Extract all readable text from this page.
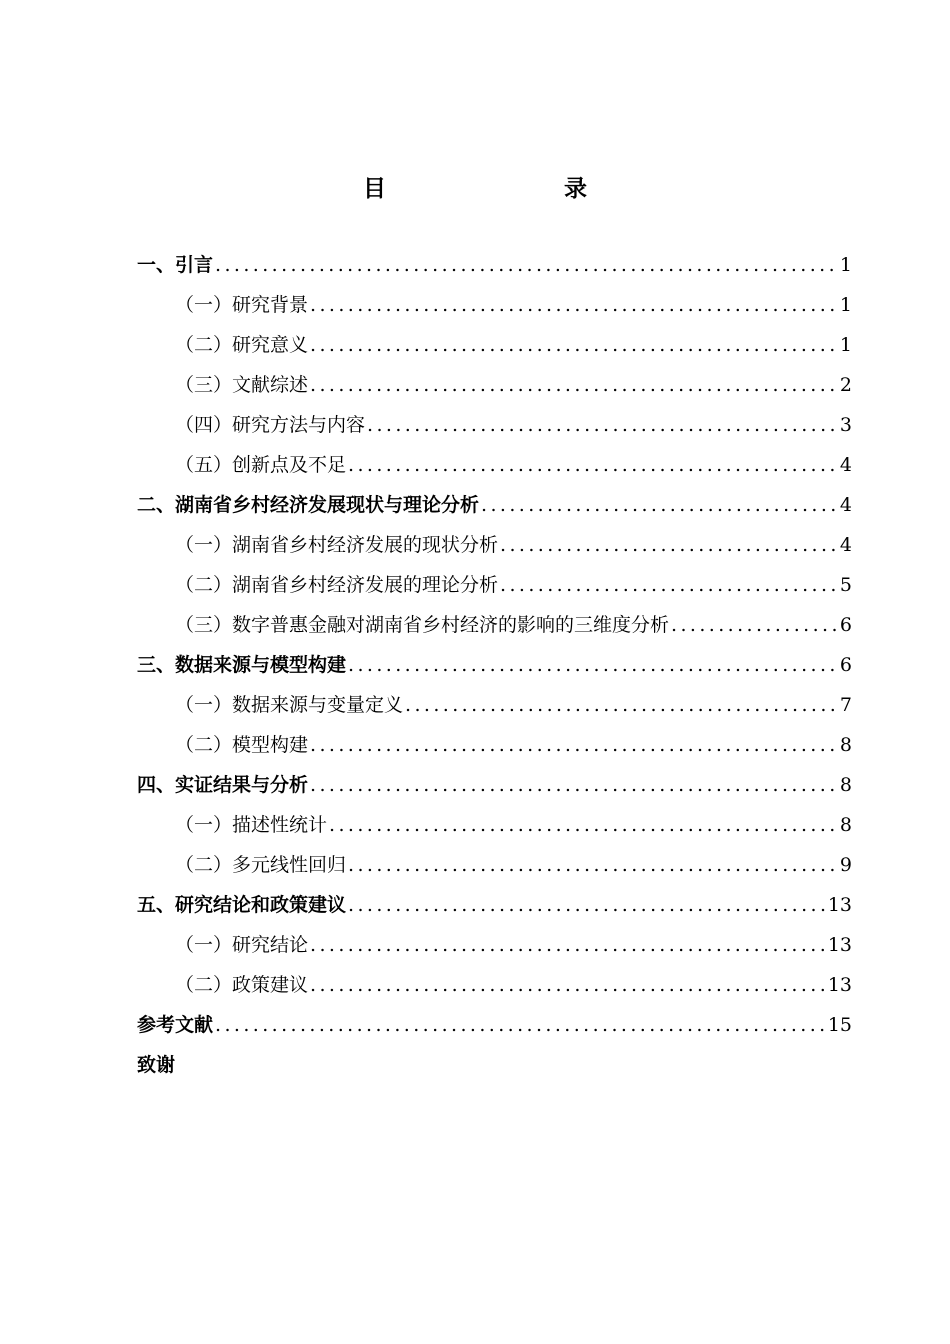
目　　录
一、引言 .....	1
（一）研究背景 .....	1
（二）研究意义 .....	1
（三）文献综述 .....	2
（四）研究方法与内容 .....	3
（五）创新点及不足 .....	4
二、湖南省乡村经济发展现状与理论分析 .....	4
（一）湖南省乡村经济发展的现状分析 .....	4
（二）湖南省乡村经济发展的理论分析 .....	5
（三）数字普惠金融对湖南省乡村经济的影响的三维度分析 .....	6
三、数据来源与模型构建 .....	6
（一）数据来源与变量定义 .....	7
（二）模型构建 .....	8
四、实证结果与分析 .....	8
（一）描述性统计 .....	8
（二）多元线性回归 .....	9
五、研究结论和政策建议 .....	13
（一）研究结论 .....	13
（二）政策建议 .....	13
参考文献 .....	15
致谢
